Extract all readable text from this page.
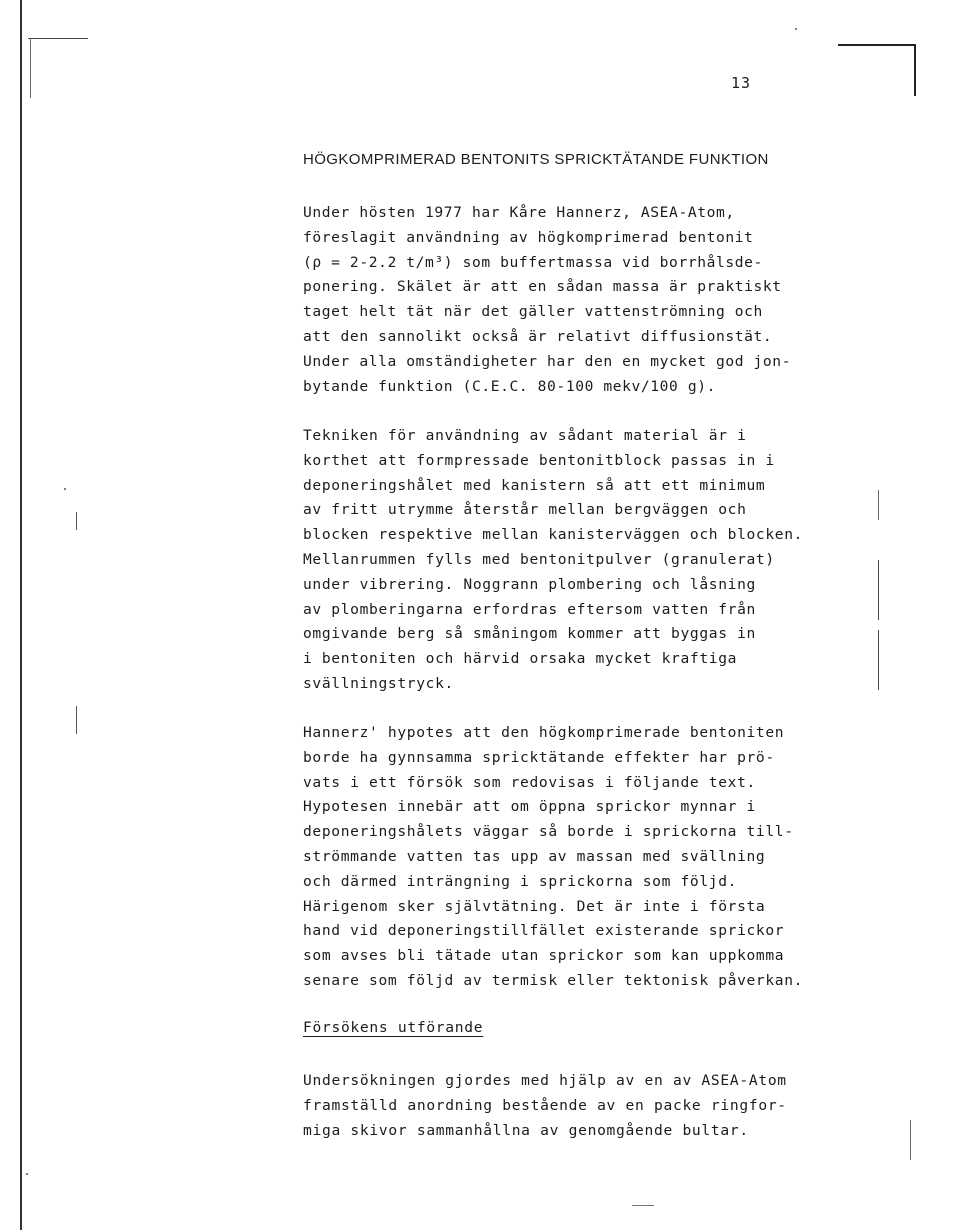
13
HÖGKOMPRIMERAD BENTONITS SPRICKTÄTANDE FUNKTION
Under hösten 1977 har Kåre Hannerz, ASEA-Atom,
föreslagit användning av högkomprimerad bentonit
(ρ = 2-2.2 t/m³) som buffertmassa vid borrhålsde-
ponering. Skälet är att en sådan massa är praktiskt
taget helt tät när det gäller vattenströmning och
att den sannolikt också är relativt diffusionstät.
Under alla omständigheter har den en mycket god jon-
bytande funktion (C.E.C. 80-100 mekv/100 g).
Tekniken för användning av sådant material är i
korthet att formpressade bentonitblock passas in i
deponeringshålet med kanistern så att ett minimum
av fritt utrymme återstår mellan bergväggen och
blocken respektive mellan kanisterväggen och blocken.
Mellanrummen fylls med bentonitpulver (granulerat)
under vibrering. Noggrann plombering och låsning
av plomberingarna erfordras eftersom vatten från
omgivande berg så småningom kommer att byggas in
i bentoniten och härvid orsaka mycket kraftiga
svällningstryck.
Hannerz' hypotes att den högkomprimerade bentoniten
borde ha gynnsamma spricktätande effekter har prö-
vats i ett försök som redovisas i följande text.
Hypotesen innebär att om öppna sprickor mynnar i
deponeringshålets väggar så borde i sprickorna till-
strömmande vatten tas upp av massan med svällning
och därmed inträngning i sprickorna som följd.
Härigenom sker självtätning. Det är inte i första
hand vid deponeringstillfället existerande sprickor
som avses bli tätade utan sprickor som kan uppkomma
senare som följd av termisk eller tektonisk påverkan.
Försökens utförande
Undersökningen gjordes med hjälp av en av ASEA-Atom
framställd anordning bestående av en packe ringfor-
miga skivor sammanhållna av genomgående bultar.
